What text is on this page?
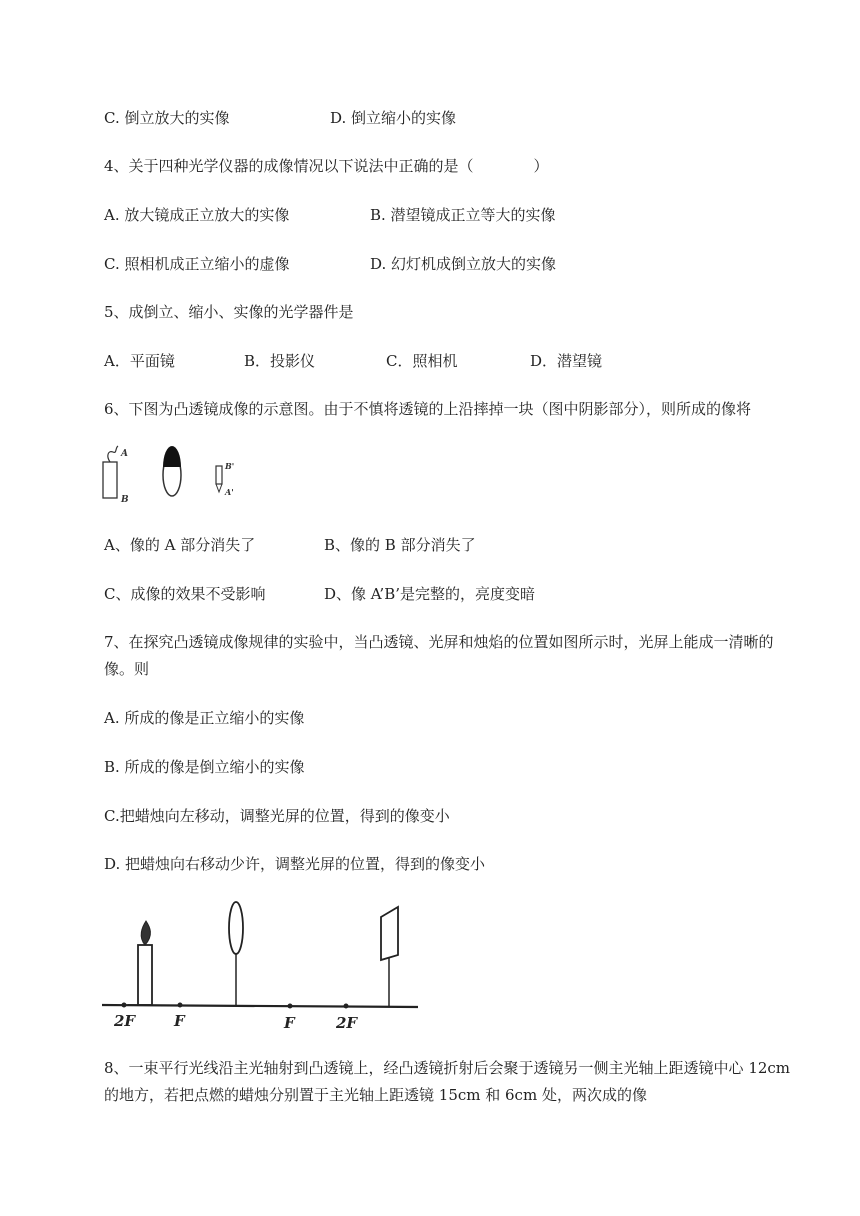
C. 倒立放大的实像	D. 倒立缩小的实像
4、关于四种光学仪器的成像情况以下说法中正确的是（　　　　）
A. 放大镜成正立放大的实像	B. 潜望镜成正立等大的实像
C. 照相机成正立缩小的虚像	D. 幻灯机成倒立放大的实像
5、成倒立、缩小、实像的光学器件是
A．平面镜	B．投影仪	C．照相机	D．潜望镜
6、下图为凸透镜成像的示意图。由于不慎将透镜的上沿摔掉一块（图中阴影部分），则所成的像将
A
B
B'
A'
A、像的 A 部分消失了	B、像的 B 部分消失了
C、成像的效果不受影响	D、像 A’B’是完整的，亮度变暗
7、在探究凸透镜成像规律的实验中，当凸透镜、光屏和烛焰的位置如图所示时，光屏上能成一清晰的
像。则
A. 所成的像是正立缩小的实像
B. 所成的像是倒立缩小的实像
C.把蜡烛向左移动，调整光屏的位置，得到的像变小
D. 把蜡烛向右移动少许，调整光屏的位置，得到的像变小
2F	F	F	2F
8、一束平行光线沿主光轴射到凸透镜上，经凸透镜折射后会聚于透镜另一侧主光轴上距透镜中心 12cm
的地方，若把点燃的蜡烛分别置于主光轴上距透镜 15cm 和 6cm 处，两次成的像
